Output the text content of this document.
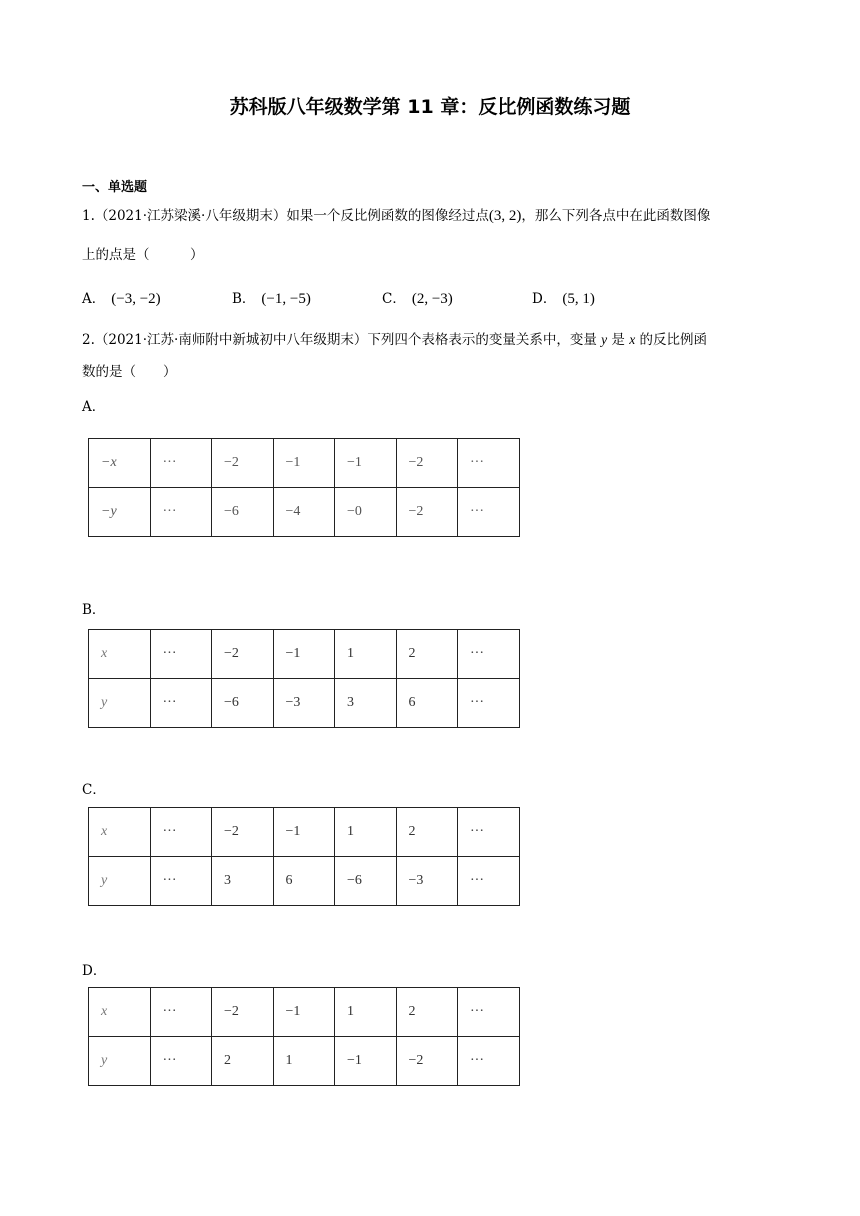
苏科版八年级数学第 11 章：反比例函数练习题
一、单选题
1.（2021·江苏梁溪·八年级期末）如果一个反比例函数的图像经过点(3, 2)，那么下列各点中在此函数图像
上的点是（　　　）
A． (−3, −2)	B． (−1, −5)	C． (2, −3)	D． (5, 1)
2.（2021·江苏·南师附中新城初中八年级期末）下列四个表格表示的变量关系中，变量 y 是 x 的反比例函
数的是（　　）
A．
−x	···	−2	−1	−1	−2	···
−y	···	−6	−4	−0	−2	···
B．
x	···	−2	−1	1	2	···
y	···	−6	−3	3	6	···
C．
x	···	−2	−1	1	2	···
y	···	3	6	−6	−3	···
D．
x	···	−2	−1	1	2	···
y	···	2	1	−1	−2	···
